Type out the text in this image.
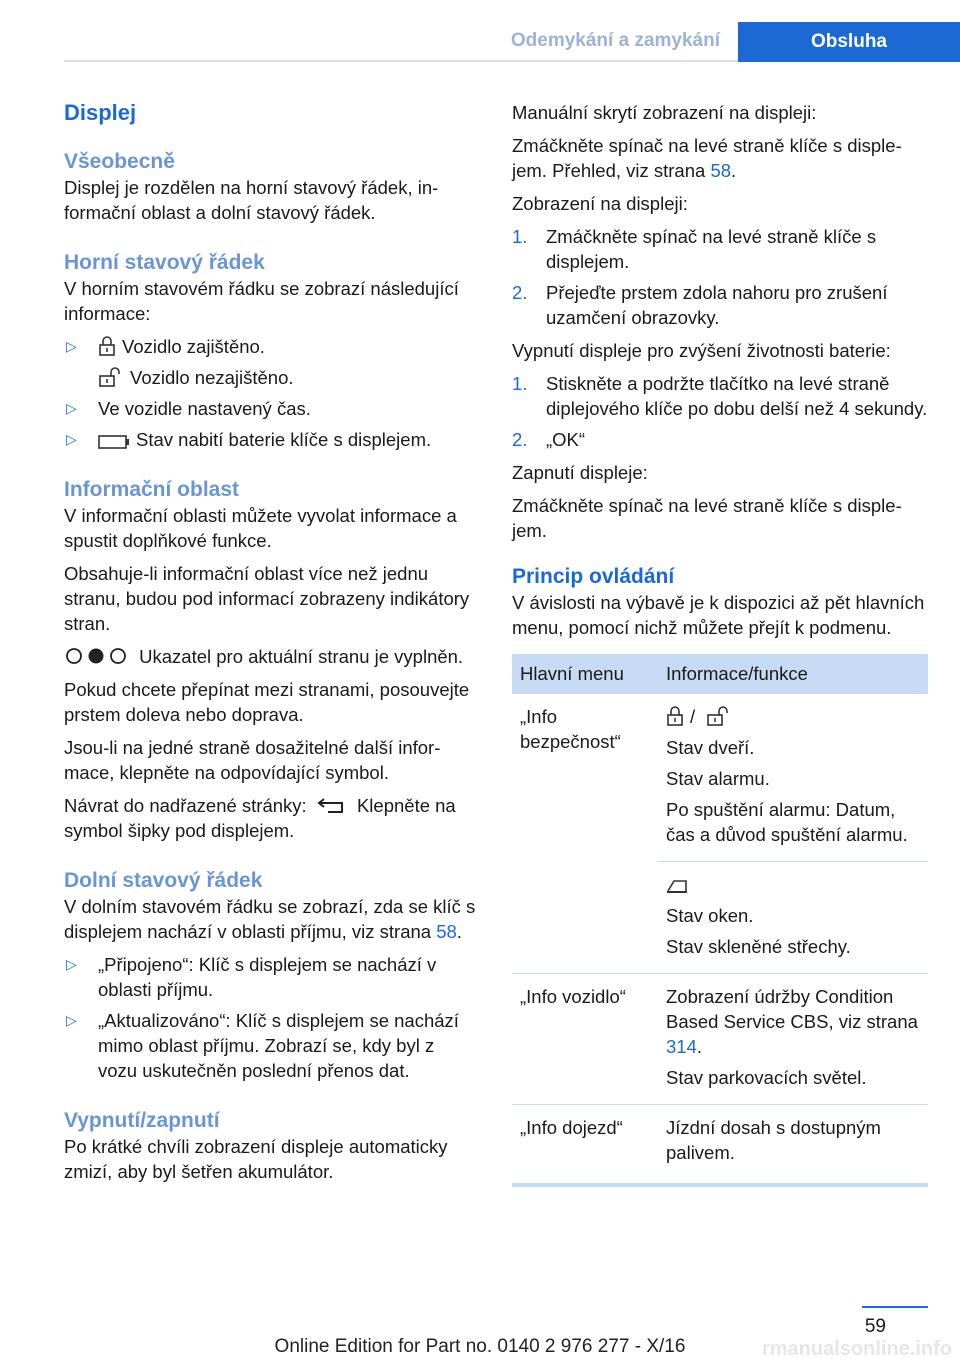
Odemykání a zamykání	Obsluha
Displej
Všeobecně

Displej je rozdělen na horní stavový řádek, informační oblast a dolní stavový řádek.

Horní stavový řádek

V horním stavovém řádku se zobrazí následující informace:

▷ Vozidlo zajištěno.
Vozidlo nezajištěno.
▷ Ve vozidle nastavený čas.
▷	Stav nabití baterie klíče s displejem.
Informační oblast

V informační oblasti můžete vyvolat informace a spustit doplňkové funkce.

Obsahuje-li informační oblast více než jednu stranu, budou pod informací zobrazeny indikátory stran.

Ukazatel pro aktuální stranu je vyplněn.

Pokud chcete přepínat mezi stranami, posouvejte prstem doleva nebo doprava.

Jsou-li na jedné straně dosažitelné další informace, klepněte na odpovídající symbol.

Návrat do nadřazené stránky:	Klepněte na symbol šipky pod displejem.

Dolní stavový řádek

V dolním stavovém řádku se zobrazí, zda se klíč s displejem nachází v oblasti příjmu, viz strana 58.

▷ „Připojeno“: Klíč s displejem se nachází v oblasti příjmu.
▷ „Aktualizováno“: Klíč s displejem se nachází mimo oblast příjmu. Zobrazí se, kdy byl z vozu uskutečněn poslední přenos dat.
Vypnutí/zapnutí

Po krátké chvíli zobrazení displeje automaticky zmizí, aby byl šetřen akumulátor.

Manuální skrytí zobrazení na displeji:

Zmáčkněte spínač na levé straně klíče s displejem. Přehled, viz strana 58.

Zobrazení na displeji:

1. Zmáčkněte spínač na levé straně klíče s displejem.
2. Přejeďte prstem zdola nahoru pro zrušení uzamčení obrazovky.

Vypnutí displeje pro zvýšení životnosti baterie:

1. Stiskněte a podržte tlačítko na levé straně diplejového klíče po dobu delší než 4 sekundy.
2. „OK“

Zapnutí displeje:

Zmáčkněte spínač na levé straně klíče s displejem.

Princip ovládání

V ávislosti na výbavě je k dispozici až pět hlavních menu, pomocí nichž můžete přejít k podmenu.

Hlavní menu	Informace/funkce
„Info bezpečnost“	/

Stav dveří.

Stav alarmu.

Po spuštění alarmu: Datum, čas a důvod spuštění alarmu.

	Stav oken.

Stav skleněné střechy.

„Info vozidlo“	Zobrazení údržby Condition Based Service CBS, viz strana 314.

Stav parkovacích světel.

„Info dojezd“	Jízdní dosah s dostupným palivem.

59
Online Edition for Part no. 0140 2 976 277 - X/16	rmanualsonline.info
